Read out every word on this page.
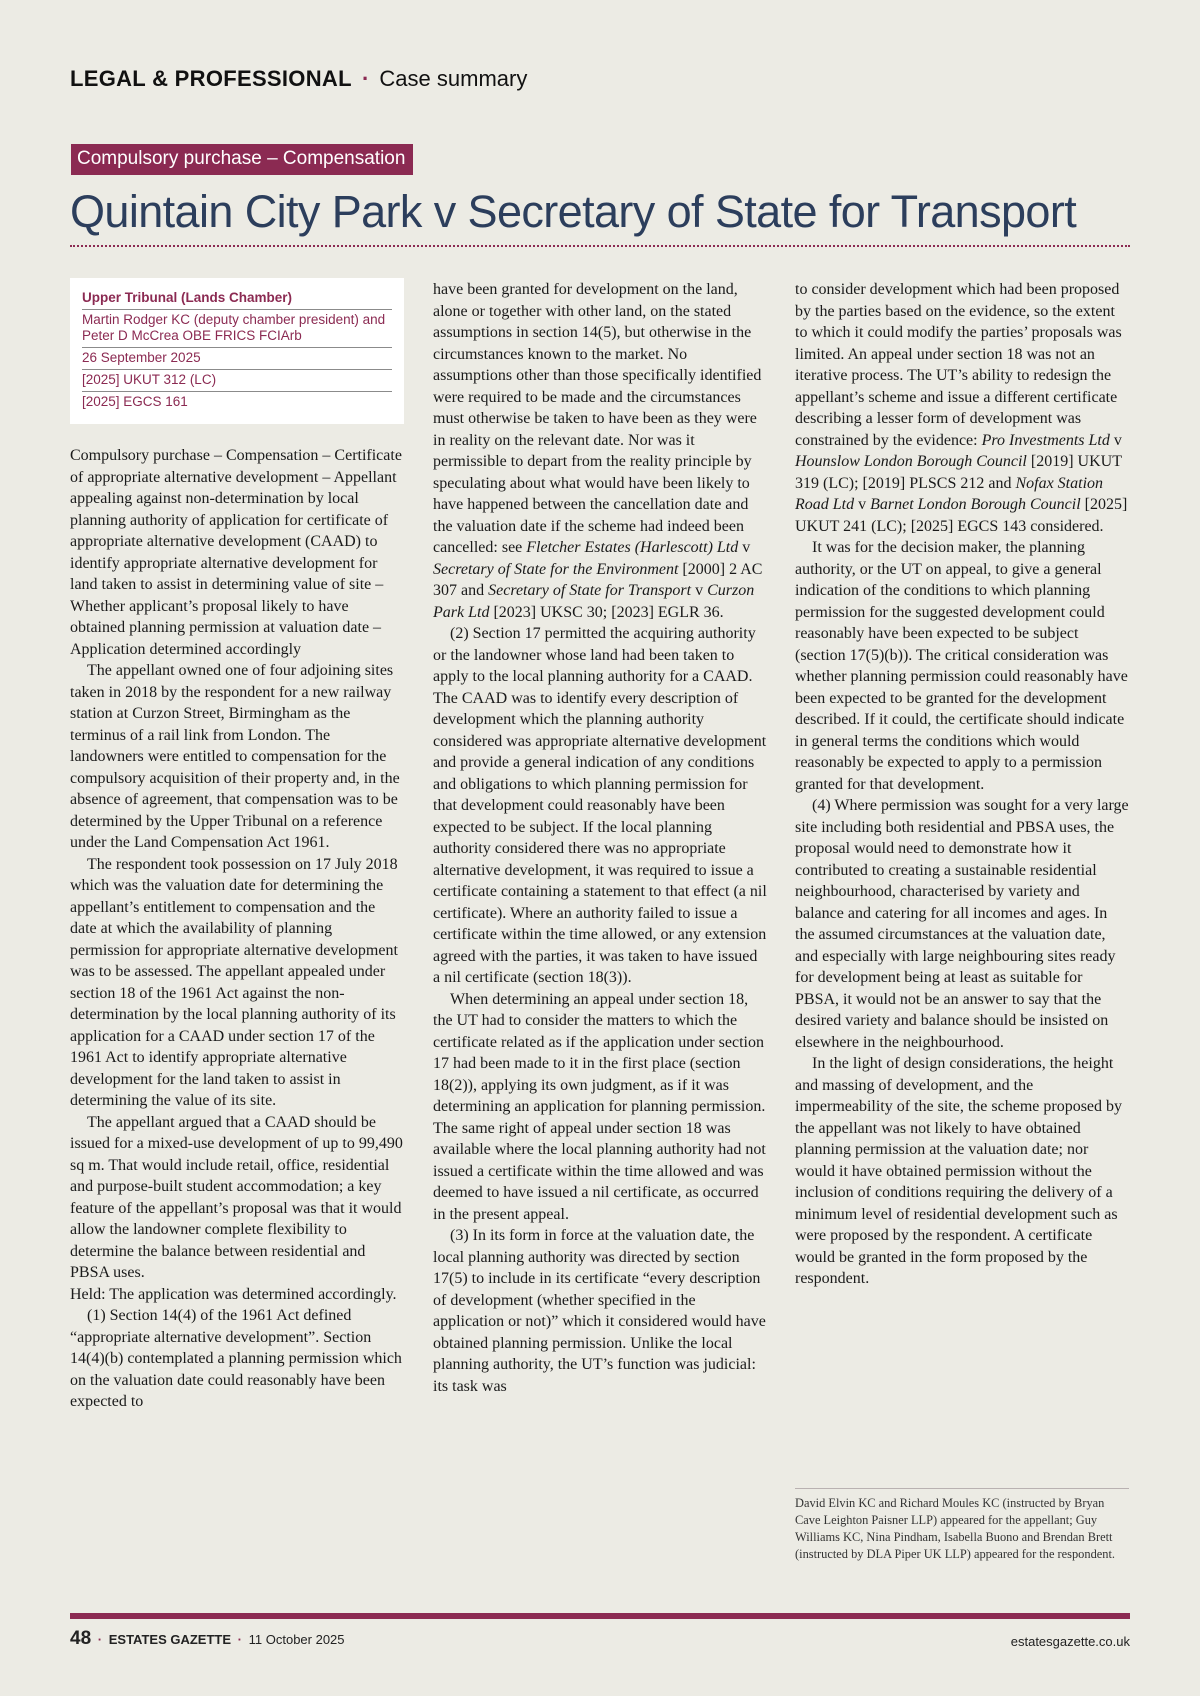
LEGAL & PROFESSIONAL · Case summary
Compulsory purchase – Compensation
Quintain City Park v Secretary of State for Transport
Upper Tribunal (Lands Chamber)
Martin Rodger KC (deputy chamber president) and Peter D McCrea OBE FRICS FCIArb
26 September 2025
[2025] UKUT 312 (LC)
[2025] EGCS 161

Compulsory purchase – Compensation – Certificate of appropriate alternative development – Appellant appealing against non-determination by local planning authority of application for certificate of appropriate alternative development (CAAD) to identify appropriate alternative development for land taken to assist in determining value of site – Whether applicant’s proposal likely to have obtained planning permission at valuation date – Application determined accordingly

The appellant owned one of four adjoining sites taken in 2018 by the respondent for a new railway station at Curzon Street, Birmingham as the terminus of a rail link from London. The landowners were entitled to compensation for the compulsory acquisition of their property and, in the absence of agreement, that compensation was to be determined by the Upper Tribunal on a reference under the Land Compensation Act 1961.

The respondent took possession on 17 July 2018 which was the valuation date for determining the appellant’s entitlement to compensation and the date at which the availability of planning permission for appropriate alternative development was to be assessed. The appellant appealed under section 18 of the 1961 Act against the non-determination by the local planning authority of its application for a CAAD under section 17 of the 1961 Act to identify appropriate alternative development for the land taken to assist in determining the value of its site.

The appellant argued that a CAAD should be issued for a mixed-use development of up to 99,490 sq m. That would include retail, office, residential and purpose-built student accommodation; a key feature of the appellant’s proposal was that it would allow the landowner complete flexibility to determine the balance between residential and PBSA uses.

Held: The application was determined accordingly.

(1) Section 14(4) of the 1961 Act defined “appropriate alternative development”. Section 14(4)(b) contemplated a planning permission which on the valuation date could reasonably have been expected to

have been granted for development on the land, alone or together with other land, on the stated assumptions in section 14(5), but otherwise in the circumstances known to the market. No assumptions other than those specifically identified were required to be made and the circumstances must otherwise be taken to have been as they were in reality on the relevant date. Nor was it permissible to depart from the reality principle by speculating about what would have been likely to have happened between the cancellation date and the valuation date if the scheme had indeed been cancelled: see Fletcher Estates (Harlescott) Ltd v Secretary of State for the Environment [2000] 2 AC 307 and Secretary of State for Transport v Curzon Park Ltd [2023] UKSC 30; [2023] EGLR 36.

(2) Section 17 permitted the acquiring authority or the landowner whose land had been taken to apply to the local planning authority for a CAAD. The CAAD was to identify every description of development which the planning authority considered was appropriate alternative development and provide a general indication of any conditions and obligations to which planning permission for that development could reasonably have been expected to be subject. If the local planning authority considered there was no appropriate alternative development, it was required to issue a certificate containing a statement to that effect (a nil certificate). Where an authority failed to issue a certificate within the time allowed, or any extension agreed with the parties, it was taken to have issued a nil certificate (section 18(3)).

When determining an appeal under section 18, the UT had to consider the matters to which the certificate related as if the application under section 17 had been made to it in the first place (section 18(2)), applying its own judgment, as if it was determining an application for planning permission. The same right of appeal under section 18 was available where the local planning authority had not issued a certificate within the time allowed and was deemed to have issued a nil certificate, as occurred in the present appeal.

(3) In its form in force at the valuation date, the local planning authority was directed by section 17(5) to include in its certificate “every description of development (whether specified in the application or not)” which it considered would have obtained planning permission. Unlike the local planning authority, the UT’s function was judicial: its task was

to consider development which had been proposed by the parties based on the evidence, so the extent to which it could modify the parties’ proposals was limited. An appeal under section 18 was not an iterative process. The UT’s ability to redesign the appellant’s scheme and issue a different certificate describing a lesser form of development was constrained by the evidence: Pro Investments Ltd v Hounslow London Borough Council [2019] UKUT 319 (LC); [2019] PLSCS 212 and Nofax Station Road Ltd v Barnet London Borough Council [2025] UKUT 241 (LC); [2025] EGCS 143 considered.

It was for the decision maker, the planning authority, or the UT on appeal, to give a general indication of the conditions to which planning permission for the suggested development could reasonably have been expected to be subject (section 17(5)(b)). The critical consideration was whether planning permission could reasonably have been expected to be granted for the development described. If it could, the certificate should indicate in general terms the conditions which would reasonably be expected to apply to a permission granted for that development.

(4) Where permission was sought for a very large site including both residential and PBSA uses, the proposal would need to demonstrate how it contributed to creating a sustainable residential neighbourhood, characterised by variety and balance and catering for all incomes and ages. In the assumed circumstances at the valuation date, and especially with large neighbouring sites ready for development being at least as suitable for PBSA, it would not be an answer to say that the desired variety and balance should be insisted on elsewhere in the neighbourhood.

In the light of design considerations, the height and massing of development, and the impermeability of the site, the scheme proposed by the appellant was not likely to have obtained planning permission at the valuation date; nor would it have obtained permission without the inclusion of conditions requiring the delivery of a minimum level of residential development such as were proposed by the respondent. A certificate would be granted in the form proposed by the respondent.

David Elvin KC and Richard Moules KC (instructed by Bryan Cave Leighton Paisner LLP) appeared for the appellant; Guy Williams KC, Nina Pindham, Isabella Buono and Brendan Brett (instructed by DLA Piper UK LLP) appeared for the respondent.
48 · ESTATES GAZETTE · 11 October 2025	estatesgazette.co.uk
